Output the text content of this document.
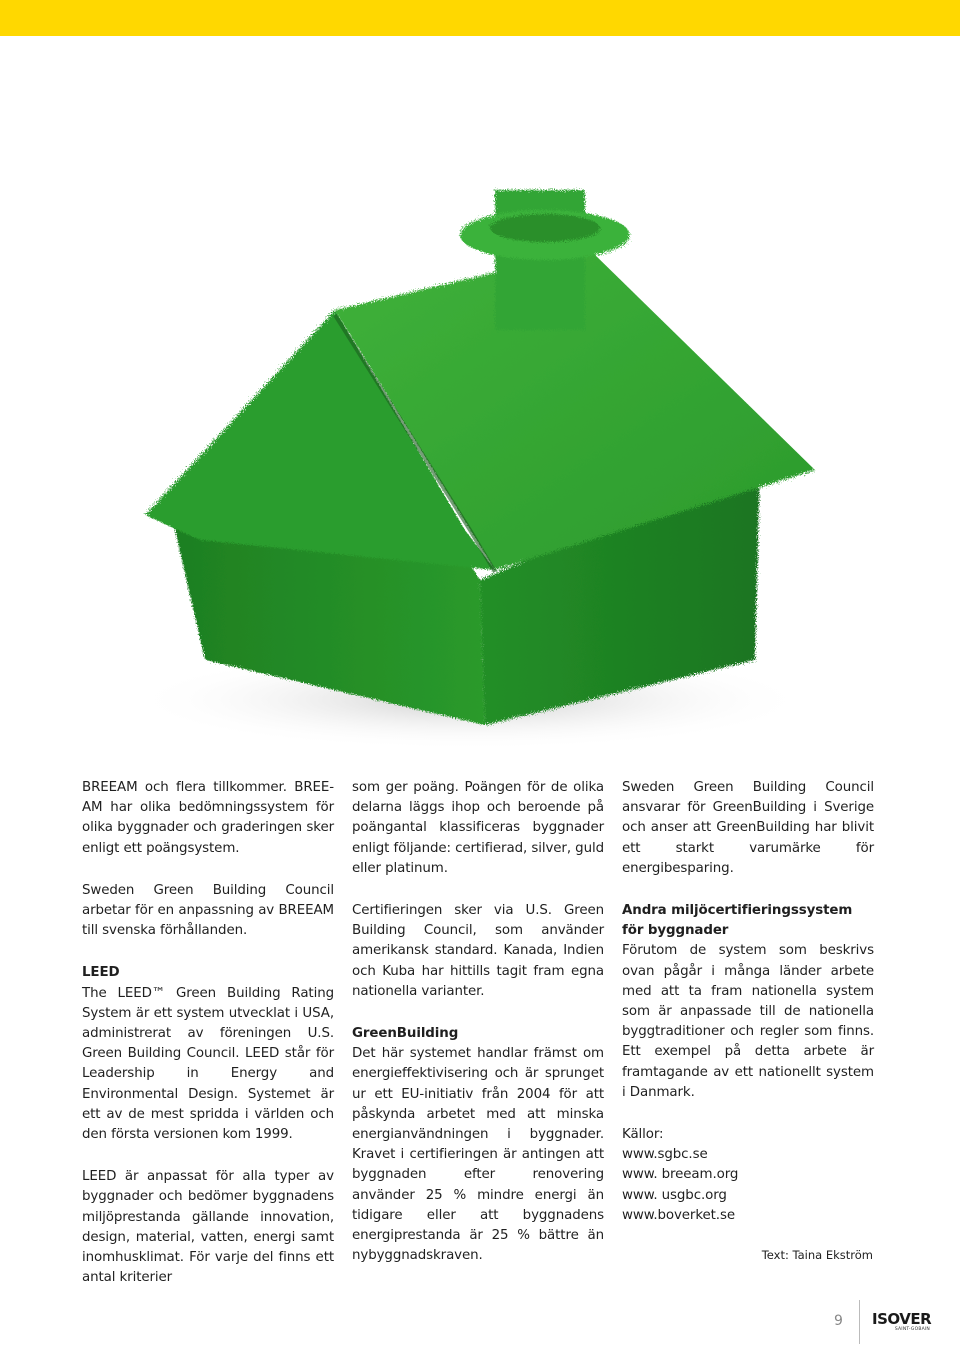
BREEAM och flera tillkommer. BREE-AM har olika bedömningssystem för olika byggnader och graderingen sker enligt ett poängsystem.

Sweden Green Building Council arbetar för en anpassning av BREEAM till svenska förhållanden.

LEED

The LEED™ Green Building Rating System är ett system utvecklat i USA, administrerat av föreningen U.S. Green Building Council. LEED står för Leadership in Energy and Environmental Design. Systemet är ett av de mest spridda i världen och den första versionen kom 1999.

LEED är anpassat för alla typer av byggnader och bedömer byggnadens miljöprestanda gällande innovation, design, material, vatten, energi samt inomhusklimat. För varje del finns ett antal kriterier

som ger poäng. Poängen för de olika delarna läggs ihop och beroende på poängantal klassificeras byggnader enligt följande: certifierad, silver, guld eller platinum.

Certifieringen sker via U.S. Green Building Council, som använder amerikansk standard. Kanada, Indien och Kuba har hittills tagit fram egna nationella varianter.

GreenBuilding

Det här systemet handlar främst om energieffektivisering och är sprunget ur ett EU-initiativ från 2004 för att påskynda arbetet med att minska energianvändningen i byggnader. Kravet i certifieringen är antingen att byggnaden efter renovering använder 25 % mindre energi än tidigare eller att byggnadens energiprestanda är 25 % bättre än nybyggnadskraven.

Sweden Green Building Council ansvarar för GreenBuilding i Sverige och anser att GreenBuilding har blivit ett starkt varumärke för energibesparing.

Andra miljöcertifieringssystem för byggnader

Förutom de system som beskrivs ovan pågår i många länder arbete med att ta fram nationella system som är anpassade till de nationella byggtraditioner och regler som finns. Ett exempel på detta arbete är framtagande av ett nationellt system i Danmark.

Källor:

www.sgbc.se

www. breeam.org

www. usgbc.org

www.boverket.se

Text: Taina Ekström
9 ISOVER
SAINT-GOBAIN
